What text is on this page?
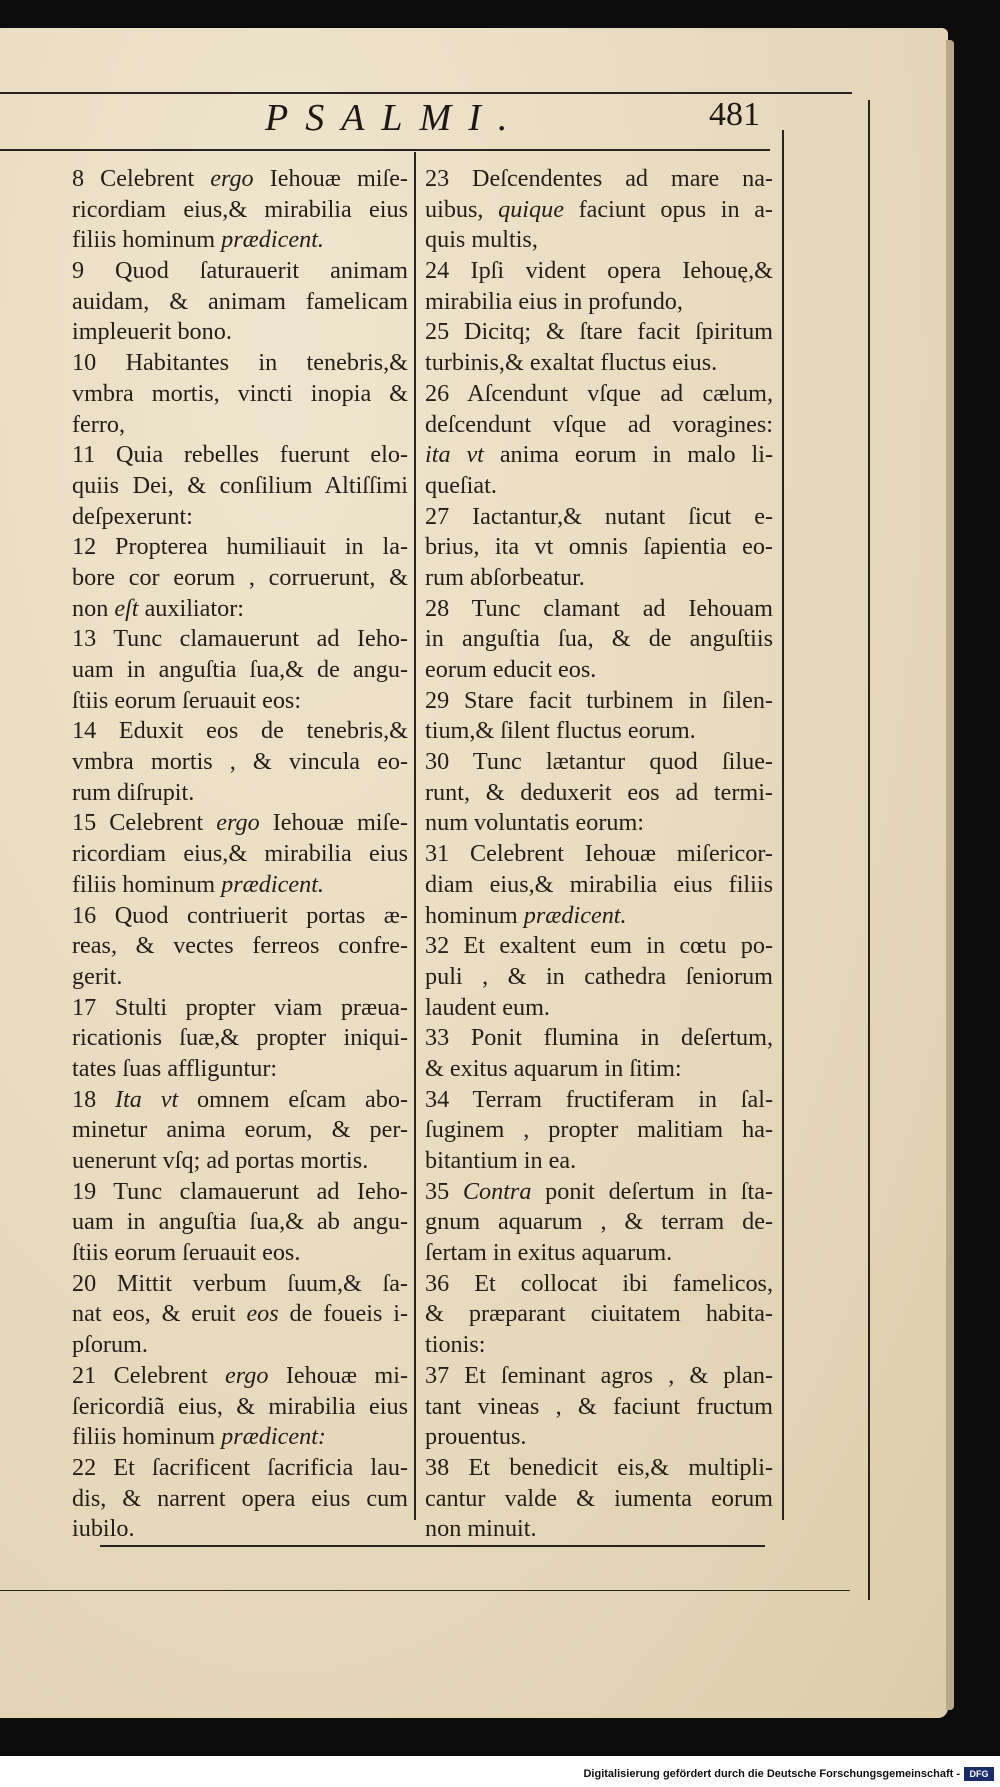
PSALMI.	481
8 Celebrent ergo Iehouæ miſe-
ricordiam eius,& mirabilia eius
filiis hominum prædicent.
9 Quod ſaturauerit animam
auidam, & animam famelicam
impleuerit bono.
10 Habitantes in tenebris,&
vmbra mortis, vincti inopia &
ferro,
11 Quia rebelles fuerunt elo-
quiis Dei, & conſilium Altiſſimi
deſpexerunt:
12 Propterea humiliauit in la-
bore cor eorum , corruerunt, &
non eſt auxiliator:
13 Tunc clamauerunt ad Ieho-
uam in anguſtia ſua,& de angu-
ſtiis eorum ſeruauit eos:
14 Eduxit eos de tenebris,&
vmbra mortis , & vincula eo-
rum diſrupit.
15 Celebrent ergo Iehouæ miſe-
ricordiam eius,& mirabilia eius
filiis hominum prædicent.
16 Quod contriuerit portas æ-
reas, & vectes ferreos confre-
gerit.
17 Stulti propter viam præua-
ricationis ſuæ,& propter iniqui-
tates ſuas affliguntur:
18 Ita vt omnem eſcam abo-
minetur anima eorum, & per-
uenerunt vſq; ad portas mortis.
19 Tunc clamauerunt ad Ieho-
uam in anguſtia ſua,& ab angu-
ſtiis eorum ſeruauit eos.
20 Mittit verbum ſuum,& ſa-
nat eos, & eruit eos de foueis i-
pſorum.
21 Celebrent ergo Iehouæ mi-
ſericordiã eius, & mirabilia eius
filiis hominum prædicent:
22 Et ſacrificent ſacrificia lau-
dis, & narrent opera eius cum
iubilo.
23 Deſcendentes ad mare na-
uibus, quique faciunt opus in a-
quis multis,
24 Ipſi vident opera Iehouę,&
mirabilia eius in profundo,
25 Dicitq; & ſtare facit ſpiritum
turbinis,& exaltat fluctus eius.
26 Aſcendunt vſque ad cælum,
deſcendunt vſque ad voragines:
ita vt anima eorum in malo li-
queſiat.
27 Iactantur,& nutant ſicut e-
brius, ita vt omnis ſapientia eo-
rum abſorbeatur.
28 Tunc clamant ad Iehouam
in anguſtia ſua, & de anguſtiis
eorum educit eos.
29 Stare facit turbinem in ſilen-
tium,& ſilent fluctus eorum.
30 Tunc lætantur quod ſilue-
runt, & deduxerit eos ad termi-
num voluntatis eorum:
31 Celebrent Iehouæ miſericor-
diam eius,& mirabilia eius filiis
hominum prædicent.
32 Et exaltent eum in cœtu po-
puli , & in cathedra ſeniorum
laudent eum.
33 Ponit flumina in deſertum,
& exitus aquarum in ſitim:
34 Terram fructiferam in ſal-
ſuginem , propter malitiam ha-
bitantium in ea.
35 Contra ponit deſertum in ſta-
gnum aquarum , & terram de-
ſertam in exitus aquarum.
36 Et collocat ibi famelicos,
& præparant ciuitatem habita-
tionis:
37 Et ſeminant agros , & plan-
tant vineas , & faciunt fructum
prouentus.
38 Et benedicit eis,& multipli-
cantur valde & iumenta eorum
non minuit.
Digitalisierung gefördert durch die Deutsche Forschungsgemeinschaft -	DFG
